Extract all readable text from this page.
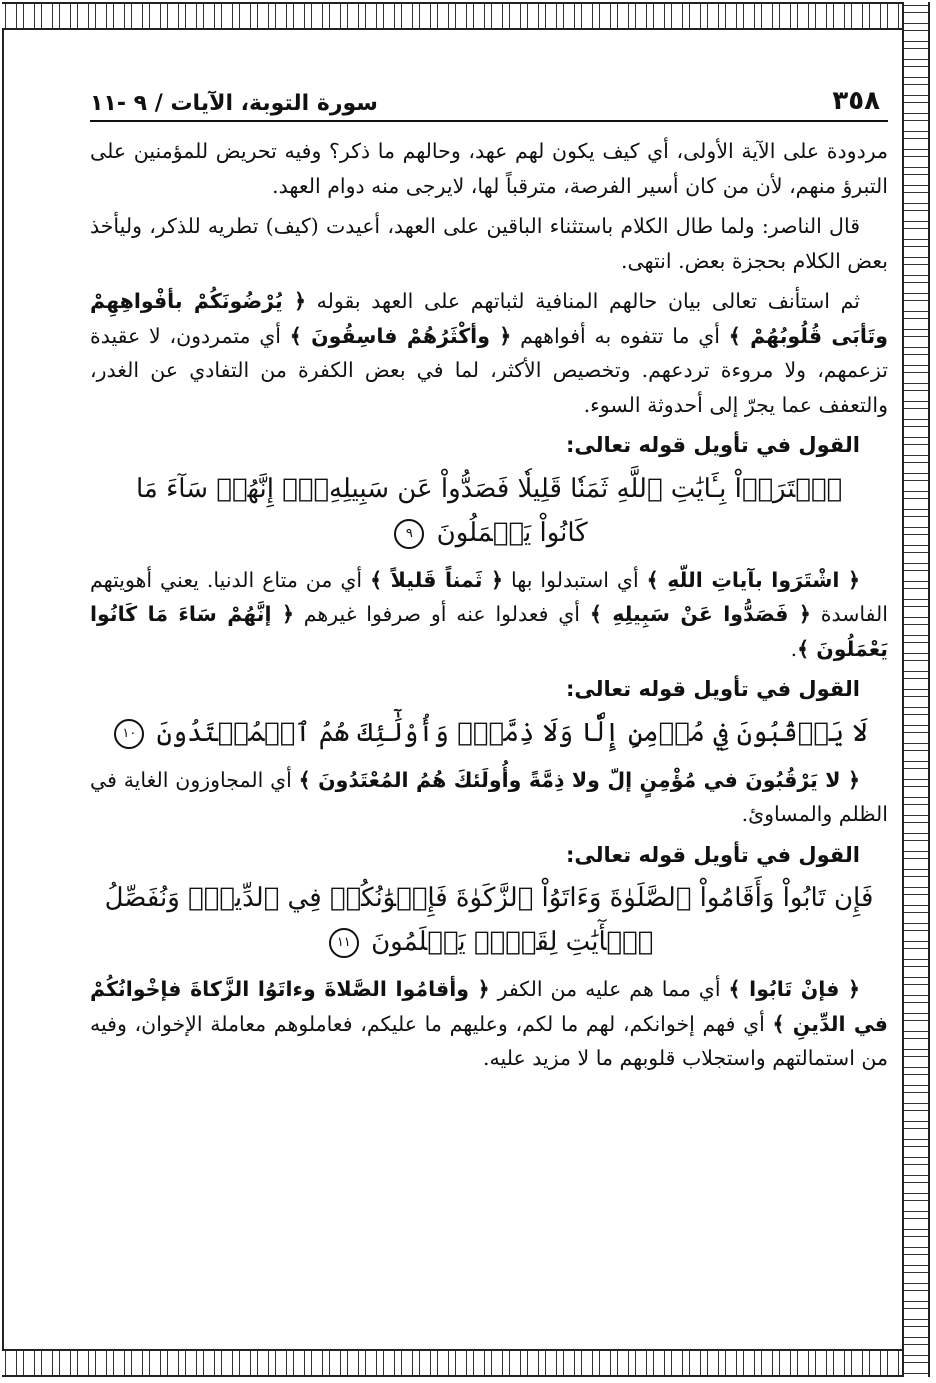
٣٥٨
سورة التوبة، الآيات / ٩ -١١

مردودة على الآية الأولى، أي كيف يكون لهم عهد، وحالهم ما ذكر؟ وفيه تحريض للمؤمنين على التبرؤ منهم، لأن من كان أسير الفرصة، مترقباً لها، لايرجى منه دوام العهد.

قال الناصر: ولما طال الكلام باستثناء الباقين على العهد، أعيدت (كيف) تطريه للذكر، وليأخذ بعض الكلام بحجزة بعض. انتهى.

ثم استأنف تعالى بيان حالهم المنافية لثباتهم على العهد بقوله ﴿ يُرْضُونَكُمْ بأفْواهِهِمْ وتَأبَى قُلُوبُهُمْ ﴾ أي ما تتفوه به أفواههم ﴿ وأكْثَرُهُمْ فاسِقُونَ ﴾ أي متمردون، لا عقيدة تزعمهم، ولا مروءة تردعهم. وتخصيص الأكثر، لما في بعض الكفرة من التفادي عن الغدر، والتعفف عما يجرّ إلى أحدوثة السوء.

القول في تأويل قوله تعالى:
ٱشۡتَرَوۡاْ بِـَٔايَٰتِ ٱللَّهِ ثَمَنٗا قَلِيلٗا فَصَدُّواْ عَن سَبِيلِهِۦٓۚ إِنَّهُمۡ سَآءَ مَا
كَانُواْ يَعۡمَلُونَ ٩

﴿ اشْتَرَوا بآياتِ اللّهِ ﴾ أي استبدلوا بها ﴿ ثَمناً قَليلاً ﴾ أي من متاع الدنيا. يعني أهويتهم الفاسدة ﴿ فَصَدُّوا عَنْ سَبِيلِهِ ﴾ أي فعدلوا عنه أو صرفوا غيرهم ﴿ إنَّهُمْ سَاءَ مَا كَانُوا يَعْمَلُونَ ﴾.

القول في تأويل قوله تعالى:
لَا يَرۡقُبُونَ فِي مُؤۡمِنٍ إِلّٗا وَلَا ذِمَّةٗۚ وَأُوْلَٰٓئِكَ هُمُ ٱلۡمُعۡتَدُونَ ١٠

﴿ لا يَرْقُبُونَ في مُؤْمِنٍ إلّ ولا ذِمَّةً وأُولَئكَ هُمُ المُعْتَدُونَ ﴾ أي المجاوزون الغاية في الظلم والمساوئ.

القول في تأويل قوله تعالى:
فَإِن تَابُواْ وَأَقَامُواْ ٱلصَّلَوٰةَ وَءَاتَوُاْ ٱلزَّكَوٰةَ فَإِخۡوَٰنُكُمۡ فِي ٱلدِّينِۗ وَنُفَصِّلُ
ٱلۡأٓيَٰتِ لِقَوۡمٖ يَعۡلَمُونَ ١١

﴿ فإنْ تَابُوا ﴾ أي مما هم عليه من الكفر ﴿ وأقامُوا الصَّلاةَ وءاتَوُا الزَّكاةَ فإخْوانُكُمْ في الدِّينِ ﴾ أي فهم إخوانكم، لهم ما لكم، وعليهم ما عليكم، فعاملوهم معاملة الإخوان، وفيه من استمالتهم واستجلاب قلوبهم ما لا مزيد عليه.
